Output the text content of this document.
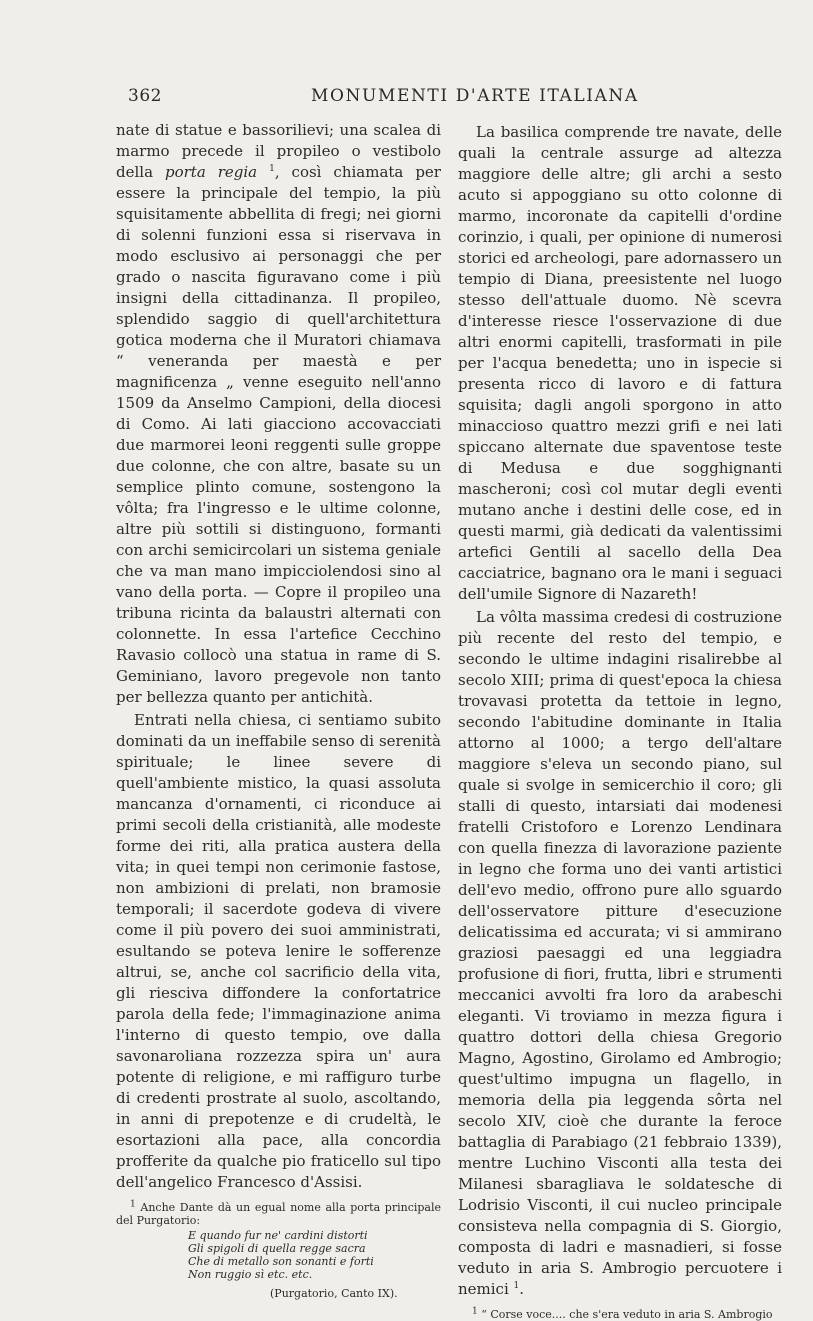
362	MONUMENTI D'ARTE ITALIANA

nate di statue e bassorilievi; una scalea di marmo precede il propileo o vestibolo della porta regia $^1$, così chiamata per essere la principale del tempio, la più squisitamente abbellita di fregi; nei giorni di solenni funzioni essa si riservava in modo esclusivo ai personaggi che per grado o nascita figuravano come i più insigni della cittadinanza. Il propileo, splendido saggio di quell'architettura gotica moderna che il Muratori chiamava “ veneranda per maestà e per magnificenza „ venne eseguito nell'anno 1509 da Anselmo Campioni, della diocesi di Como. Ai lati giacciono accovacciati due marmorei leoni reggenti sulle groppe due colonne, che con altre, basate su un semplice plinto comune, sostengono la vôlta; fra l'ingresso e le ultime colonne, altre più sottili si distinguono, formanti con archi semicircolari un sistema geniale che va man mano impicciolendosi sino al vano della porta. — Copre il propileo una tribuna ricinta da balaustri alternati con colonnette. In essa l'artefice Cecchino Ravasio collocò una statua in rame di S. Geminiano, lavoro pregevole non tanto per bellezza quanto per antichità.

Entrati nella chiesa, ci sentiamo subito dominati da un ineffabile senso di serenità spirituale; le linee severe di quell'ambiente mistico, la quasi assoluta mancanza d'ornamenti, ci riconduce ai primi secoli della cristianità, alle modeste forme dei riti, alla pratica austera della vita; in quei tempi non cerimonie fastose, non ambizioni di prelati, non bramosie temporali; il sacerdote godeva di vivere come il più povero dei suoi amministrati, esultando se poteva lenire le sofferenze altrui, se, anche col sacrificio della vita, gli riesciva diffondere la confortatrice parola della fede; l'immaginazione anima l'interno di questo tempio, ove dalla savonaroliana rozzezza spira un' aura potente di religione, e mi raffiguro turbe di credenti prostrate al suolo, ascoltando, in anni di prepotenze e di crudeltà, le esortazioni alla pace, alla concordia profferite da qualche pio fraticello sul tipo dell'angelico Francesco d'Assisi.

$^1$ Anche Dante dà un egual nome alla porta principale del Purgatorio:

E quando fur ne' cardini distorti
Gli spigoli di quella regge sacra
Che di metallo son sonanti e forti
Non ruggio sì etc. etc.
(Purgatorio, Canto IX).

La basilica comprende tre navate, delle quali la centrale assurge ad altezza maggiore delle altre; gli archi a sesto acuto si appoggiano su otto colonne di marmo, incoronate da capitelli d'ordine corinzio, i quali, per opinione di numerosi storici ed archeologi, pare adornassero un tempio di Diana, preesistente nel luogo stesso dell'attuale duomo. Nè scevra d'interesse riesce l'osservazione di due altri enormi capitelli, trasformati in pile per l'acqua benedetta; uno in ispecie si presenta ricco di lavoro e di fattura squisita; dagli angoli sporgono in atto minaccioso quattro mezzi grifi e nei lati spiccano alternate due spaventose teste di Medusa e due sogghignanti mascheroni; così col mutar degli eventi mutano anche i destini delle cose, ed in questi marmi, già dedicati da valentissimi artefici Gentili al sacello della Dea cacciatrice, bagnano ora le mani i seguaci dell'umile Signore di Nazareth!

La vôlta massima credesi di costruzione più recente del resto del tempio, e secondo le ultime indagini risalirebbe al secolo XIII; prima di quest'epoca la chiesa trovavasi protetta da tettoie in legno, secondo l'abitudine dominante in Italia attorno al 1000; a tergo dell'altare maggiore s'eleva un secondo piano, sul quale si svolge in semicerchio il coro; gli stalli di questo, intarsiati dai modenesi fratelli Cristoforo e Lorenzo Lendinara con quella finezza di lavorazione paziente in legno che forma uno dei vanti artistici dell'evo medio, offrono pure allo sguardo dell'osservatore pitture d'esecuzione delicatissima ed accurata; vi si ammirano graziosi paesaggi ed una leggiadra profusione di fiori, frutta, libri e strumenti meccanici avvolti fra loro da arabeschi eleganti. Vi troviamo in mezza figura i quattro dottori della chiesa Gregorio Magno, Agostino, Girolamo ed Ambrogio; quest'ultimo impugna un flagello, in memoria della pia leggenda sôrta nel secolo XIV, cioè che durante la feroce battaglia di Parabiago (21 febbraio 1339), mentre Luchino Visconti alla testa dei Milanesi sbaragliava le soldatesche di Lodrisio Visconti, il cui nucleo principale consisteva nella compagnia di S. Giorgio, composta di ladri e masnadieri, si fosse veduto in aria S. Ambrogio percuotere i nemici $^1$.

$^1$ “ Corse voce.... che s'era veduto in aria S. Ambrogio
